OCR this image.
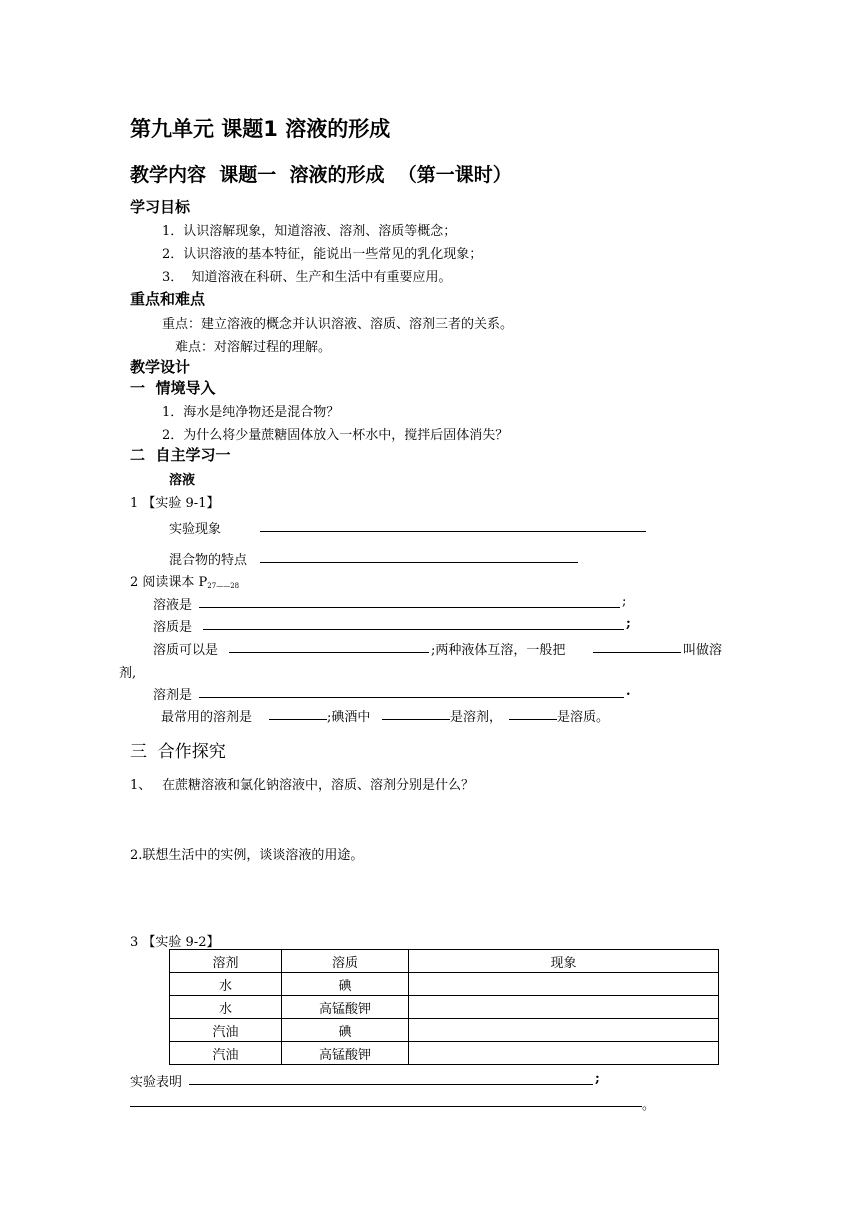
第九单元 课题1 溶液的形成
教学内容  课题一  溶液的形成  （第一课时）
学习目标
1．认识溶解现象，知道溶液、溶剂、溶质等概念；
2．认识溶液的基本特征，能说出一些常见的乳化现象；
3．  知道溶液在科研、生产和生活中有重要应用。
重点和难点
重点：建立溶液的概念并认识溶液、溶质、溶剂三者的关系。
难点：对溶解过程的理解。
教学设计
一  情境导入
1．海水是纯净物还是混合物？
2．为什么将少量蔗糖固体放入一杯水中，搅拌后固体消失？
二  自主学习一
溶液
1 【实验 9-1】
实验现象
混合物的特点
2 阅读课本 $P_{27——28}$
溶液是	;
溶质是	;
溶质可以是	;两种液体互溶，一般把	叫做溶
剂,
溶剂是	.
最常用的溶剂是	;碘酒中	是溶剂，	是溶质。
三  合作探究
1、 在蔗糖溶液和氯化钠溶液中，溶质、溶剂分别是什么？
2.联想生活中的实例，谈谈溶液的用途。
3 【实验 9-2】
溶剂	溶质	现象
水	碘	
水	高锰酸钾	
汽油	碘	
汽油	高锰酸钾	
实验表明	;
。
